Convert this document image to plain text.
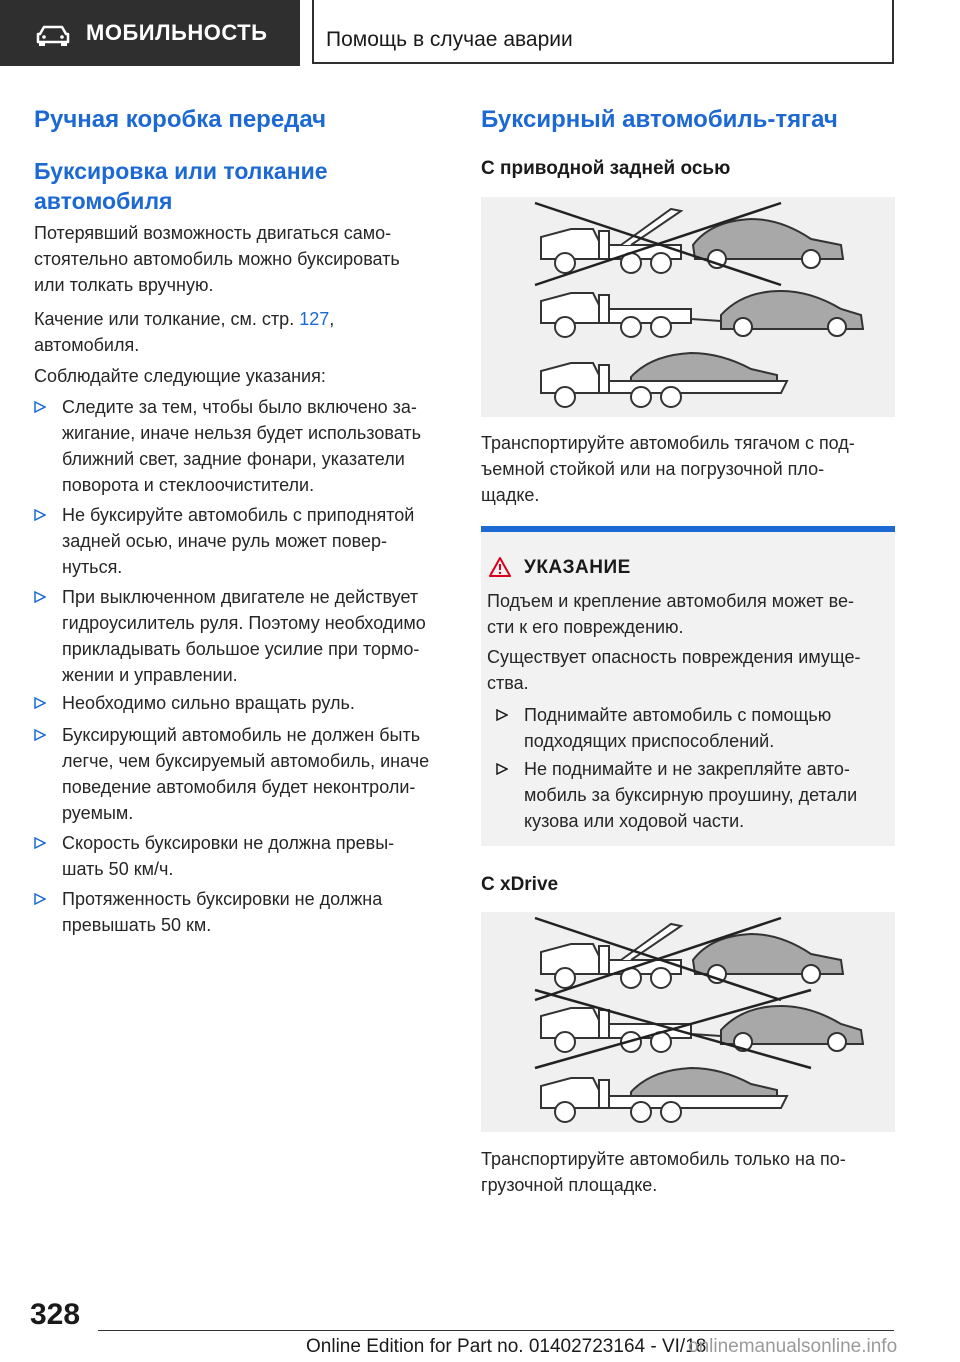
МОБИЛЬНОСТЬ	Помощь в случае аварии
Ручная коробка передач
Буксировка или толкание
автомобиля
Потерявший возможность двигаться само-
стоятельно автомобиль можно буксировать
или толкать вручную.
Качение или толкание, см. стр. 127,
автомобиля.
Соблюдайте следующие указания:
Следите за тем, чтобы было включено за-
жигание, иначе нельзя будет использовать
ближний свет, задние фонари, указатели
поворота и стеклоочистители.
Не буксируйте автомобиль с приподнятой
задней осью, иначе руль может повер-
нуться.
При выключенном двигателе не действует
гидроусилитель руля. Поэтому необходимо
прикладывать большое усилие при тормо-
жении и управлении.
Необходимо сильно вращать руль.
Буксирующий автомобиль не должен быть
легче, чем буксируемый автомобиль, иначе
поведение автомобиля будет неконтроли-
руемым.
Скорость буксировки не должна превы-
шать 50 км/ч.
Протяженность буксировки не должна
превышать 50 км.
Буксирный автомобиль-тягач
С приводной задней осью
Транспортируйте автомобиль тягачом с под-
ъемной стойкой или на погрузочной пло-
щадке.
УКАЗАНИЕ
Подъем и крепление автомобиля может ве-
сти к его повреждению.
Существует опасность повреждения имуще-
ства.
Поднимайте автомобиль с помощью
подходящих приспособлений.
Не поднимайте и не закрепляйте авто-
мобиль за буксирную проушину, детали
кузова или ходовой части.
С xDrive
Транспортируйте автомобиль только на по-
грузочной площадке.
328
Online Edition for Part no. 01402723164 - VI/18
onlinemanualsonline.info
